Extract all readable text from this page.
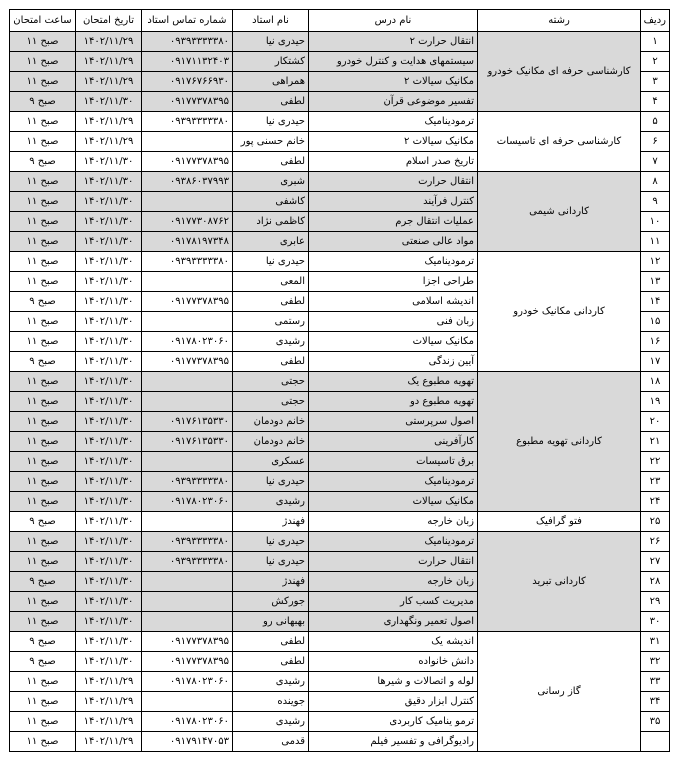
ردیف	رشته	نام درس	نام استاد	شماره تماس استاد	تاریخ امتحان	ساعت امتحان
۱	کارشناسی حرفه ای مکانیک خودرو	انتقال حرارت ۲	حیدری نیا	۰۹۳۹۳۳۳۳۳۸۰	۱۴۰۲/۱۱/۲۹	صبح ۱۱
۲		سیستمهای هدایت و کنترل خودرو	کشتکار	۰۹۱۷۱۱۳۲۴۰۳	۱۴۰۲/۱۱/۲۹	صبح ۱۱
۳		مکانیک سیالات ۲	همراهی	۰۹۱۷۶۷۶۶۹۳۰	۱۴۰۲/۱۱/۲۹	صبح ۱۱
۴		تفسیر موضوعی قرآن	لطفی	۰۹۱۷۷۳۷۸۳۹۵	۱۴۰۲/۱۱/۳۰	صبح ۹
۵	کارشناسی حرفه ای تاسیسات	ترمودینامیک	حیدری نیا	۰۹۳۹۳۳۳۳۳۸۰	۱۴۰۲/۱۱/۲۹	صبح ۱۱
۶		مکانیک سیالات ۲	خانم حسنی پور		۱۴۰۲/۱۱/۲۹	صبح ۱۱
۷		تاریخ صدر اسلام	لطفی	۰۹۱۷۷۳۷۸۳۹۵	۱۴۰۲/۱۱/۳۰	صبح ۹
۸	کاردانی شیمی	انتقال حرارت	شبری	۰۹۳۸۶۰۳۷۹۹۳	۱۴۰۲/۱۱/۳۰	صبح ۱۱
۹		کنترل فرآیند	کاشفی		۱۴۰۲/۱۱/۳۰	صبح ۱۱
۱۰		عملیات انتقال جرم	کاظمی نژاد	۰۹۱۷۷۳۰۸۷۶۲	۱۴۰۲/۱۱/۳۰	صبح ۱۱
۱۱		مواد عالی صنعتی	عابری	۰۹۱۷۸۱۹۷۳۴۸	۱۴۰۲/۱۱/۳۰	صبح ۱۱
۱۲	کاردانی مکانیک خودرو	ترمودینامیک	حیدری نیا	۰۹۳۹۳۳۳۳۳۸۰	۱۴۰۲/۱۱/۳۰	صبح ۱۱
۱۳		طراحی اجزا	المعی		۱۴۰۲/۱۱/۳۰	صبح ۱۱
۱۴		اندیشه اسلامی	لطفی	۰۹۱۷۷۳۷۸۳۹۵	۱۴۰۲/۱۱/۳۰	صبح ۹
۱۵		زبان فنی	رستمی		۱۴۰۲/۱۱/۳۰	صبح ۱۱
۱۶		مکانیک سیالات	رشیدی	۰۹۱۷۸۰۲۳۰۶۰	۱۴۰۲/۱۱/۳۰	صبح ۱۱
۱۷		آیین زندگی	لطفی	۰۹۱۷۷۳۷۸۳۹۵	۱۴۰۲/۱۱/۳۰	صبح ۹
۱۸	کاردانی تهویه مطبوع	تهویه مطبوع یک	حجتی		۱۴۰۲/۱۱/۳۰	صبح ۱۱
۱۹		تهویه مطبوع دو	حجتی		۱۴۰۲/۱۱/۳۰	صبح ۱۱
۲۰		اصول سرپرستی	خانم دودمان	۰۹۱۷۶۱۳۵۳۳۰	۱۴۰۲/۱۱/۳۰	صبح ۱۱
۲۱		کارآفرینی	خانم دودمان	۰۹۱۷۶۱۳۵۳۳۰	۱۴۰۲/۱۱/۳۰	صبح ۱۱
۲۲		برق تاسیسات	عسکری		۱۴۰۲/۱۱/۳۰	صبح ۱۱
۲۳		ترمودینامیک	حیدری نیا	۰۹۳۹۳۳۳۳۳۸۰	۱۴۰۲/۱۱/۳۰	صبح ۱۱
۲۴		مکانیک سیالات	رشیدی	۰۹۱۷۸۰۲۳۰۶۰	۱۴۰۲/۱۱/۳۰	صبح ۱۱
۲۵	فتو گرافیک	زبان خارجه	فهندژ		۱۴۰۲/۱۱/۳۰	صبح ۹
۲۶	کاردانی تبرید	ترمودینامیک	حیدری نیا	۰۹۳۹۳۳۳۳۳۸۰	۱۴۰۲/۱۱/۳۰	صبح ۱۱
۲۷		انتقال حرارت	حیدری نیا	۰۹۳۹۳۳۳۳۳۸۰	۱۴۰۲/۱۱/۳۰	صبح ۱۱
۲۸		زبان خارجه	فهندژ		۱۴۰۲/۱۱/۳۰	صبح ۹
۲۹		مدیریت کسب کار	جورکش		۱۴۰۲/۱۱/۳۰	صبح ۱۱
۳۰		اصول تعمیر ونگهداری	بهبهانی رو		۱۴۰۲/۱۱/۳۰	صبح ۱۱
۳۱	گاز رسانی	اندیشه یک	لطفی	۰۹۱۷۷۳۷۸۳۹۵	۱۴۰۲/۱۱/۳۰	صبح ۹
۳۲		دانش خانواده	لطفی	۰۹۱۷۷۳۷۸۳۹۵	۱۴۰۲/۱۱/۳۰	صبح ۹
۳۳		لوله و اتصالات و شیرها	رشیدی	۰۹۱۷۸۰۲۳۰۶۰	۱۴۰۲/۱۱/۲۹	صبح ۱۱
۳۴		کنترل ابزار دقیق	جوینده		۱۴۰۲/۱۱/۲۹	صبح ۱۱
۳۵		ترمو ینامیک کاربردی	رشیدی	۰۹۱۷۸۰۲۳۰۶۰	۱۴۰۲/۱۱/۲۹	صبح ۱۱
		رادیوگرافی و تفسیر فیلم	قدمی	۰۹۱۷۹۱۴۷۰۵۳	۱۴۰۲/۱۱/۲۹	صبح ۱۱
